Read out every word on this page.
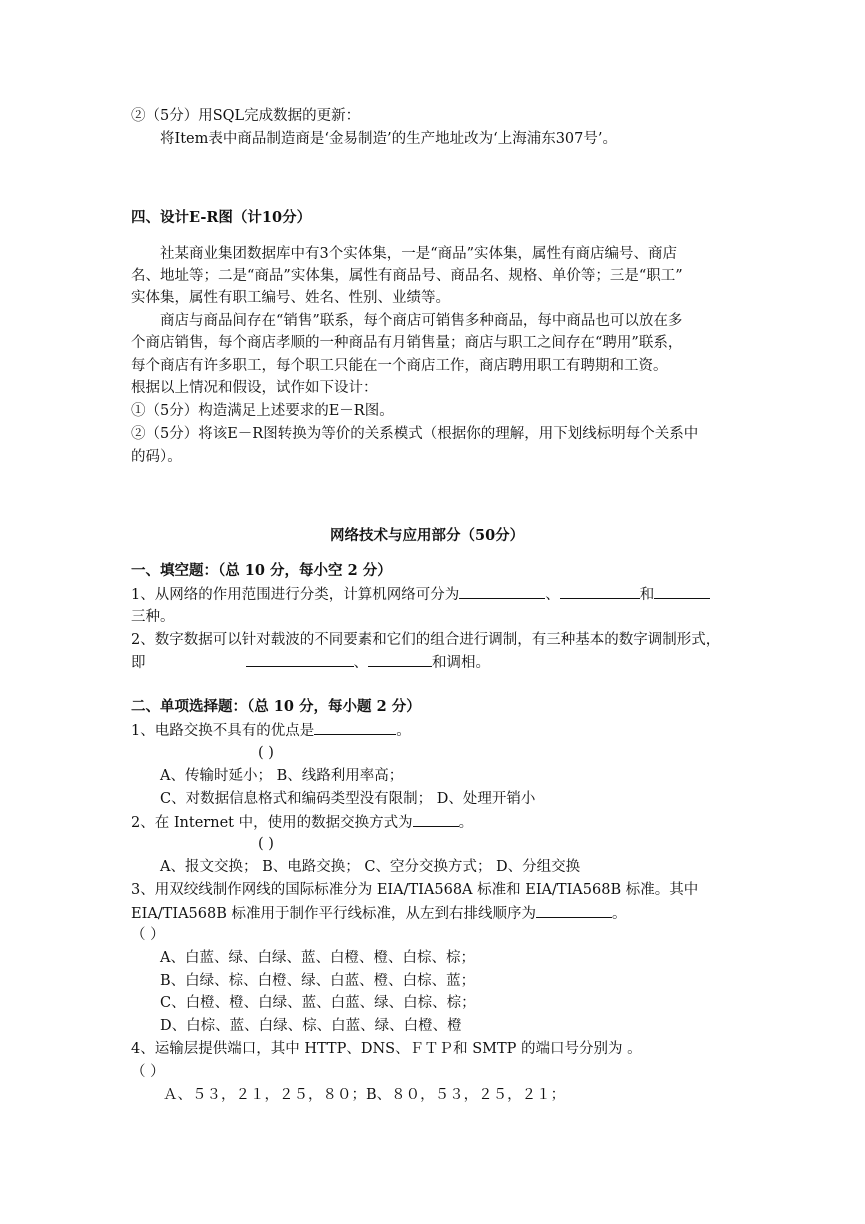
②（5分）用SQL完成数据的更新：
将Item表中商品制造商是‘金易制造’的生产地址改为‘上海浦东307号’。
四、设计E-R图（计10分）
社某商业集团数据库中有3个实体集，一是“商品”实体集，属性有商店编号、商店
名、地址等；二是“商品”实体集，属性有商品号、商品名、规格、单价等；三是“职工”
实体集，属性有职工编号、姓名、性别、业绩等。
商店与商品间存在“销售”联系，每个商店可销售多种商品，每中商品也可以放在多
个商店销售，每个商店孝顺的一种商品有月销售量；商店与职工之间存在“聘用”联系，
每个商店有许多职工，每个职工只能在一个商店工作，商店聘用职工有聘期和工资。
根据以上情况和假设，试作如下设计：
①（5分）构造满足上述要求的E－R图。
②（5分）将该E－R图转换为等价的关系模式（根据你的理解，用下划线标明每个关系中
的码）。
网络技术与应用部分（50分）
一、填空题：（总 10 分，每小空 2 分）
1、从网络的作用范围进行分类，计算机网络可分为	、	和
三种。
2、数字数据可以针对载波的不同要素和它们的组合进行调制，有三种基本的数字调制形式，
即	、	和调相。
二、单项选择题：（总 10 分，每小题 2 分）
1、电路交换不具有的优点是	。
( )
A、传输时延小； B、线路利用率高；
C、对数据信息格式和编码类型没有限制； D、处理开销小
2、在 Internet 中，使用的数据交换方式为	。
( )
A、报文交换； B、电路交换； C、空分交换方式； D、分组交换
3、用双绞线制作网线的国际标准分为 EIA/TIA568A 标准和 EIA/TIA568B 标准。其中
EIA/TIA568B 标准用于制作平行线标准，从左到右排线顺序为	。
（ ）
A、白蓝、绿、白绿、蓝、白橙、橙、白棕、棕；
B、白绿、棕、白橙、绿、白蓝、橙、白棕、蓝；
C、白橙、橙、白绿、蓝、白蓝、绿、白棕、棕；
D、白棕、蓝、白绿、棕、白蓝、绿、白橙、橙
4、运输层提供端口，其中 HTTP、DNS、ＦＴＰ和 SMTP 的端口号分别为 。
（ ）
Ａ、５３，２１，２５，８０；B、８０，５３，２５，２１；
